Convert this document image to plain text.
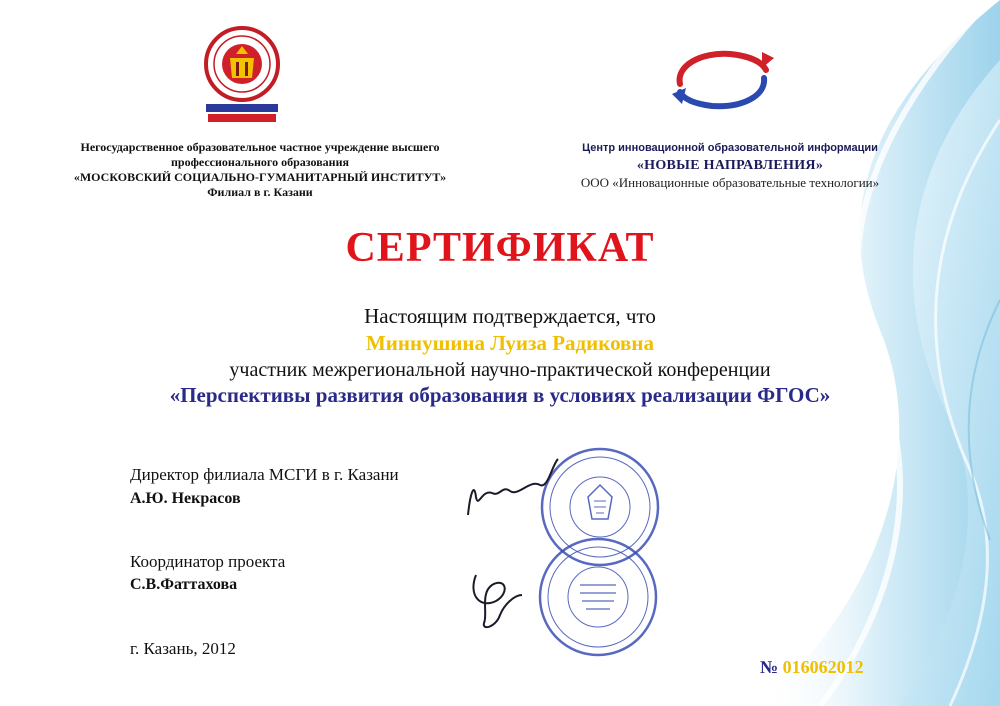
Негосударственное образовательное частное учреждение высшего
профессионального образования
«МОСКОВСКИЙ СОЦИАЛЬНО-ГУМАНИТАРНЫЙ ИНСТИТУТ»
Филиал в г. Казани
Центр инновационной образовательной информации
«НОВЫЕ НАПРАВЛЕНИЯ»
ООО «Инновационные образовательные технологии»
СЕРТИФИКАТ
Настоящим подтверждается, что
Миннушина Луиза Радиковна
участник межрегиональной научно-практической конференции
«Перспективы развития образования в условиях реализации ФГОС»
Директор филиала МСГИ в г. Казани
А.Ю. Некрасов
Координатор проекта
С.В.Фаттахова
г. Казань, 2012
№ 016062012
